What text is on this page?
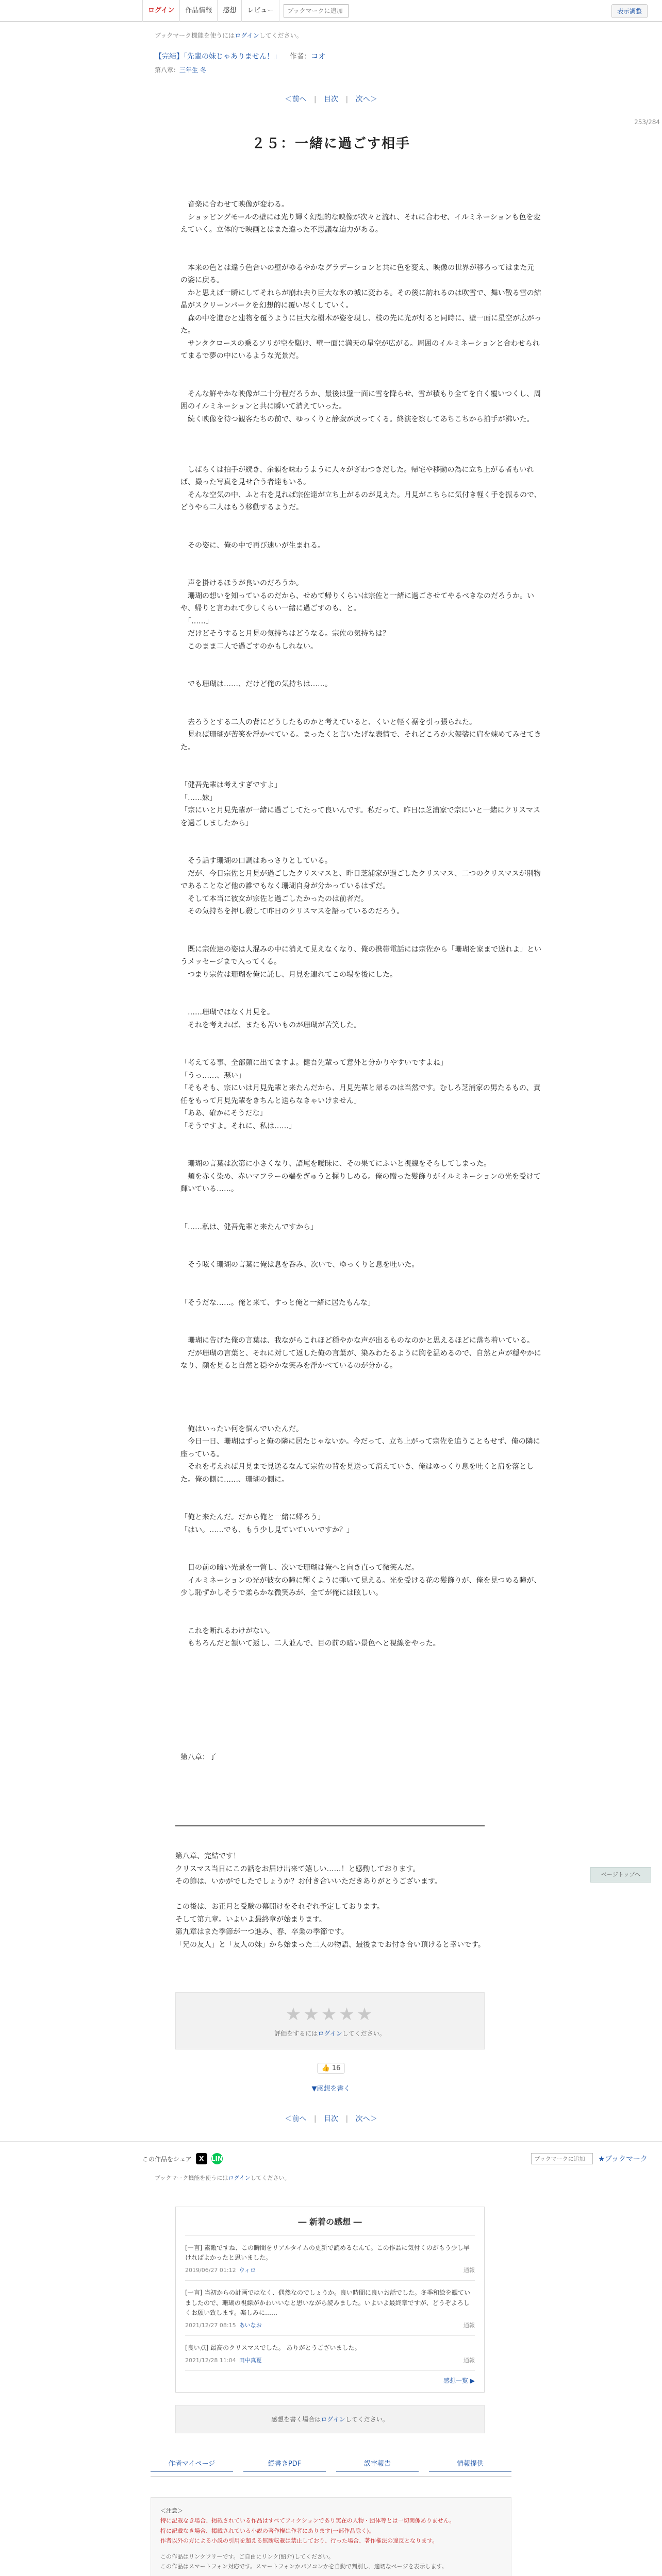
ログイン	作品情報	感想	レビュー
ブックマークに追加	表示調整
ブックマーク機能を使うにはログインしてください。
【完結】「先輩の妹じゃありません！」 作者：コオ
第八章：三年生 冬
＜前へ | 目次 | 次へ＞
253/284
２５：一緒に過ごす相手

　音楽に合わせて映像が変わる。

　ショッピングモールの壁には光り輝く幻想的な映像が次々と流れ、それに合わせ、イルミネーションも色を変えていく。立体的で映画とはまた違った不思議な迫力がある。

　本来の色とは違う色合いの壁がゆるやかなグラデーションと共に色を変え、映像の世界が移ろってはまた元の姿に戻る。

　かと思えば一瞬にしてそれらが崩れ去り巨大な氷の城に変わる。その後に訪れるのは吹雪で、舞い散る雪の結晶がスクリーンパークを幻想的に覆い尽くしていく。

　森の中を進むと建物を覆うように巨大な樹木が姿を現し、枝の先に光が灯ると同時に、壁一面に星空が広がった。

　サンタクロースの乗るソリが空を駆け、壁一面に満天の星空が広がる。周囲のイルミネーションと合わせられてまるで夢の中にいるような光景だ。

　そんな鮮やかな映像が二十分程だろうか、最後は壁一面に雪を降らせ、雪が積もり全てを白く覆いつくし、周囲のイルミネーションと共に瞬いて消えていった。

　続く映像を待つ観客たちの前で、ゆっくりと静寂が戻ってくる。終演を察してあちこちから拍手が沸いた。

　しばらくは拍手が続き、余韻を味わうように人々がざわつきだした。帰宅や移動の為に立ち上がる者もいれば、撮った写真を見せ合う者達もいる。

　そんな空気の中、ふと右を見れば宗佐達が立ち上がるのが見えた。月見がこちらに気付き軽く手を振るので、どうやら二人はもう移動するようだ。

　その姿に、俺の中で再び迷いが生まれる。

　声を掛けるほうが良いのだろうか。

　珊瑚の想いを知っているのだから、せめて帰りくらいは宗佐と一緒に過ごさせてやるべきなのだろうか。いや、帰りと言われて少しくらい一緒に過ごすのも、と。

　「……」

　だけどそうすると月見の気持ちはどうなる。宗佐の気持ちは？

　このまま二人で過ごすのかもしれない。

　でも珊瑚は……、だけど俺の気持ちは……。

　去ろうとする二人の背にどうしたものかと考えていると、くいと軽く裾を引っ張られた。

　見れば珊瑚が苦笑を浮かべている。まったくと言いたげな表情で、それどころか大袈裟に肩を竦めてみせてきた。

「健吾先輩は考えすぎですよ」

「……妹」

「宗にいと月見先輩が一緒に過ごしてたって良いんです。私だって、昨日は芝浦家で宗にいと一緒にクリスマスを過ごしましたから」

　そう話す珊瑚の口調はあっさりとしている。

　だが、今日宗佐と月見が過ごしたクリスマスと、昨日芝浦家が過ごしたクリスマス、二つのクリスマスが別物であることなど他の誰でもなく珊瑚自身が分かっているはずだ。

　そして本当に彼女が宗佐と過ごしたかったのは前者だ。

　その気持ちを押し殺して昨日のクリスマスを語っているのだろう。

　既に宗佐達の姿は人混みの中に消えて見えなくなり、俺の携帯電話には宗佐から「珊瑚を家まで送れよ」というメッセージまで入ってくる。

　つまり宗佐は珊瑚を俺に託し、月見を連れてこの場を後にした。

　……珊瑚ではなく月見を。

　それを考えれば、またも苦いものが珊瑚が苦笑した。

「考えてる事、全部顔に出てますよ。健吾先輩って意外と分かりやすいですよね」

「うっ……、悪い」

「そもそも、宗にいは月見先輩と来たんだから、月見先輩と帰るのは当然です。むしろ芝浦家の男たるもの、責任をもって月見先輩をきちんと送らなきゃいけません」

「ああ、確かにそうだな」

「そうですよ。それに、私は……」

　珊瑚の言葉は次第に小さくなり、語尾を曖昧に、その果てにふいと視線をそらしてしまった。

　頬を赤く染め、赤いマフラーの端をぎゅうと握りしめる。俺の贈った髪飾りがイルミネーションの光を受けて輝いている……。

「……私は、健吾先輩と来たんですから」

　そう呟く珊瑚の言葉に俺は息を呑み、次いで、ゆっくりと息を吐いた。

「そうだな……。俺と来て、すっと俺と一緒に居たもんな」

　珊瑚に告げた俺の言葉は、我ながらこれほど穏やかな声が出るものなのかと思えるほどに落ち着いている。

　だが珊瑚の言葉と、それに対して返した俺の言葉が、染みわたるように胸を温めるので、自然と声が穏やかになり、顔を見ると自然と穏やかな笑みを浮かべているのが分かる。

　俺はいったい何を悩んでいたんだ。

　今日一日、珊瑚はずっと俺の隣に居たじゃないか。今だって、立ち上がって宗佐を追うこともせず、俺の隣に座っている。

　それを考えれば月見まで見送るなんて宗佐の背を見送って消えていき、俺はゆっくり息を吐くと肩を落とした。俺の側に……、珊瑚の側に。

「俺と来たんだ。だから俺と一緒に帰ろう」

「はい。……でも、もう少し見ていていいですか？」

　目の前の暗い光景を一瞥し、次いで珊瑚は俺へと向き直って微笑んだ。

　イルミネーションの光が彼女の瞳に輝くように弾いて見える。光を受ける花の髪飾りが、俺を見つめる瞳が、少し恥ずかしそうで柔らかな微笑みが、全てが俺には眩しい。

　これを断れるわけがない。

　もちろんだと頷いて返し、二人並んで、目の前の暗い景色へと視線をやった。

第八章：了

ページトップへ

第八章、完結です！

クリスマス当日にこの話をお届け出来て嬉しい……！と感動しております。

その節は、いかがでしたでしょうか？お付き合いいただきありがとうございます。

この後は、お正月と受験の幕開けをそれぞれ予定しております。

そして第九章。いよいよ最終章が始まります。

第九章はまた季節が一つ進み、春、卒業の季節です。

「兄の友人」と「友人の妹」から始まった二人の物語、最後までお付き合い頂けると幸いです。

★★★★★
評価をするにはログインしてください。
👍 16
▼感想を書く
＜前へ | 目次 | 次へ＞
この作品をシェア	X	LINE
ブックマークに追加	★ブックマーク
ブックマーク機能を使うにはログインしてください。
― 新着の感想 ―
[一言] 素敵ですね、この瞬間をリアルタイムの更新で読めるなんて。この作品に気付くのがもう少し早ければよかったと思いました。
2019/06/27 01:12 ウィロ	通報
[一言] 当初からの計画ではなく、偶然なのでしょうか。良い時間に良いお話でした。冬季和絵を観ていましたので、珊瑚の視線がかわいいなと思いながら読みました。いよいよ最終章ですが、どうぞよろしくお願い致します。楽しみに……
2021/12/27 08:15 あいなお	通報
[良い点] 最高のクリスマスでした。 ありがとうございました。
2021/12/28 11:04 田中真夏	通報
感想一覧 ▶
感想を書く場合はログインしてください。
作者マイページ	縦書きPDF	誤字報告	情報提供
＜注意＞
特に記載なき場合、掲載されている作品はすべてフィクションであり実在の人物・団体等とは一切関係ありません。
特に記載なき場合、掲載されている小説の著作権は作者にあります(一部作品除く)。
作者以外の方による小説の引用を超える無断転載は禁止しており、行った場合、著作権法の違反となります。
この作品はリンクフリーです。ご自由にリンク(紹介)してください。
この作品はスマートフォン対応です。スマートフォンかパソコンかを自動で判別し、適切なページを表示します。
